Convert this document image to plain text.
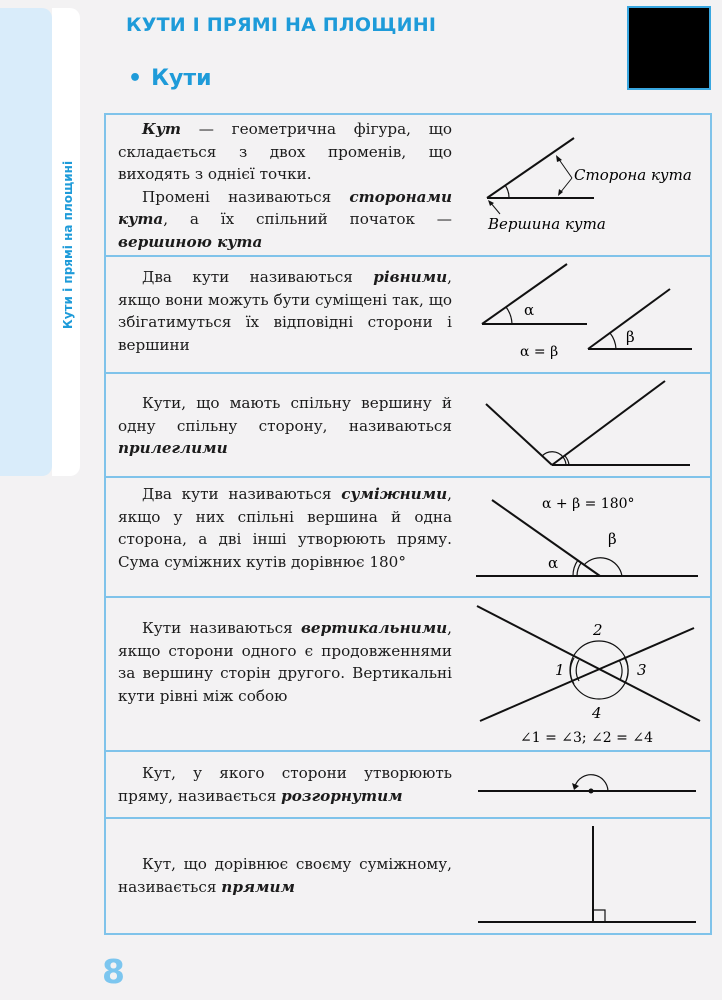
Кути і прямі на площині
КУТИ І ПРЯМІ НА ПЛОЩИНІ
• Кути

Кут — геометрична фігура, що складається з двох променів, що виходять з однієї точки.

Промені називаються сторонами кута, а їх спільний початок — вершиною кута

Сторона кута
Вершина кута

Два кути називаються рівними, якщо вони можуть бути суміщені так, що збігатимуться їх відповідні сторони і вершини

α
β
α = β

Кути, що мають спільну вершину й одну спільну сторону, називаються прилеглими

Два кути називаються суміжними, якщо у них спільні вершина й одна сторона, а дві інші утворюють пряму. Сума суміжних кутів дорівнює 180°

α + β = 180°
α
β

Кути називаються вертикальними, якщо сторони одного є продовженнями за вершину сторін другого. Вертикальні кути рівні між собою

2
1	3
4
∠1 = ∠3; ∠2 = ∠4

Кут, у якого сторони утворюють пряму, називається розгорнутим

Кут, що дорівнює своєму суміжному, називається прямим

8
